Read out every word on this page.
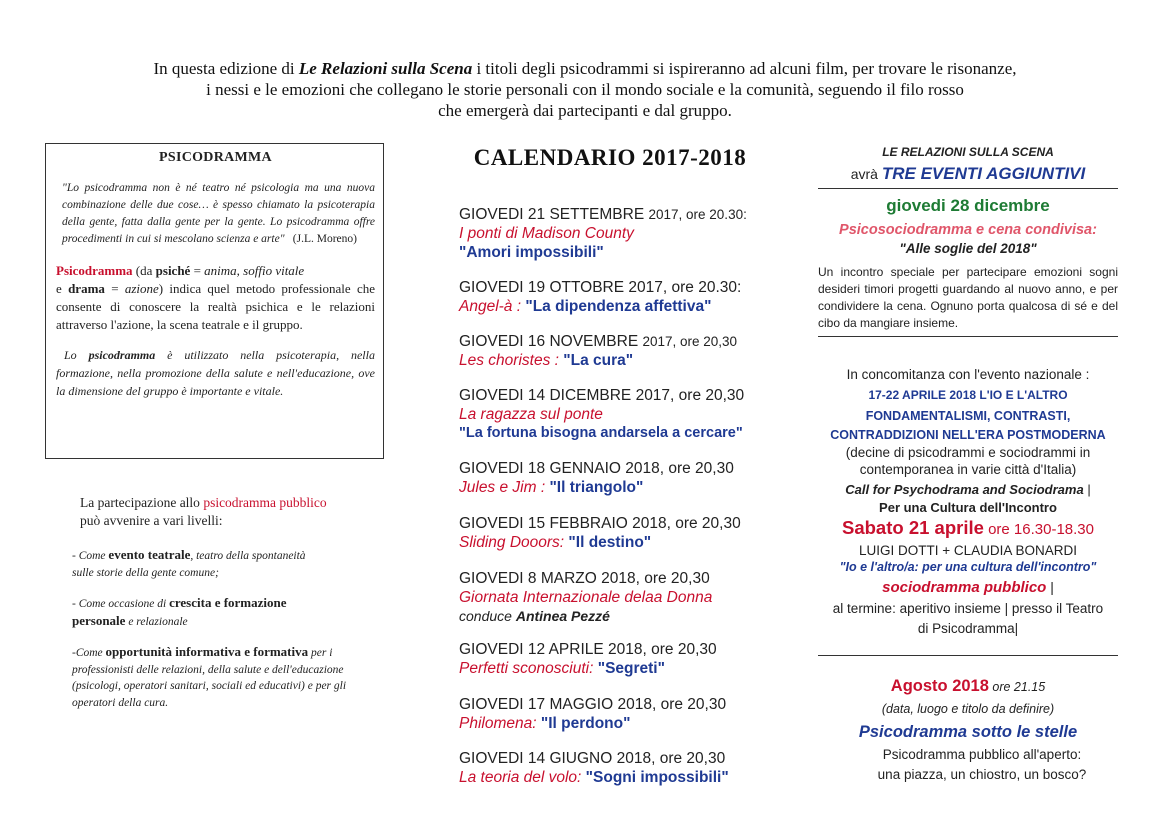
In questa edizione di Le Relazioni sulla Scena i titoli degli psicodrammi si ispireranno ad alcuni film, per trovare le risonanze,
i nessi e le emozioni che collegano le storie personali con il mondo sociale e la comunità, seguendo il filo rosso
che emergerà dai partecipanti e dal gruppo.
PSICODRAMMA
"Lo psicodramma non è né teatro né psicologia ma una nuova combinazione delle due cose… è spesso chiamato la psicoterapia della gente, fatta dalla gente per la gente. Lo psicodramma offre procedimenti in cui si mescolano scienza e arte" (J.L. Moreno)
Psicodramma (da psiché = anima, soffio vitale
e drama = azione) indica quel metodo professionale che consente di conoscere la realtà psichica e le relazioni attraverso l'azione, la scena teatrale e il gruppo.
Lo psicodramma è utilizzato nella psicoterapia, nella formazione, nella promozione della salute e nell'educazione, ove la dimensione del gruppo è importante e vitale.
La partecipazione allo psicodramma pubblico
può avvenire a vari livelli:
- Come evento teatrale, teatro della spontaneità
sulle storie della gente comune;
- Come occasione di crescita e formazione
personale e relazionale
-Come opportunità informativa e formativa per i professionisti delle relazioni, della salute e dell'educazione (psicologi, operatori sanitari, sociali ed educativi) e per gli operatori della cura.
CALENDARIO 2017-2018
GIOVEDI 21 SETTEMBRE 2017, ore 20.30:
I ponti di Madison County
"Amori impossibili"
GIOVEDI 19 OTTOBRE 2017, ore 20.30:
Angel-à : "La dipendenza affettiva"
GIOVEDI 16 NOVEMBRE 2017, ore 20,30
Les choristes : "La cura"
GIOVEDI 14 DICEMBRE 2017, ore 20,30
La ragazza sul ponte
"La fortuna bisogna andarsela a cercare"
GIOVEDI 18 GENNAIO 2018, ore 20,30
Jules e Jim : "Il triangolo"
GIOVEDI 15 FEBBRAIO 2018, ore 20,30
Sliding Dooors: "Il destino"
GIOVEDI 8 MARZO 2018, ore 20,30
Giornata Internazionale delaa Donna
conduce Antinea Pezzé
GIOVEDI 12 APRILE 2018, ore 20,30
Perfetti sconosciuti: "Segreti"
GIOVEDI 17 MAGGIO 2018, ore 20,30
Philomena: "Il perdono"
GIOVEDI 14 GIUGNO 2018, ore 20,30
La teoria del volo: "Sogni impossibili"
LE RELAZIONI SULLA SCENA
avrà TRE EVENTI AGGIUNTIVI
giovedi 28 dicembre
Psicosociodramma e cena condivisa:
"Alle soglie del 2018"
Un incontro speciale per partecipare emozioni sogni desideri timori progetti guardando al nuovo anno, e per condividere la cena. Ognuno porta qualcosa di sé e del cibo da mangiare insieme.
In concomitanza con l'evento nazionale :
17-22 APRILE 2018 L'IO E L'ALTRO
FONDAMENTALISMI, CONTRASTI,
CONTRADDIZIONI NELL'ERA POSTMODERNA
(decine di psicodrammi e sociodrammi in contemporanea in varie città d'Italia)
Call for Psychodrama and Sociodrama |
Per una Cultura dell'Incontro
Sabato 21 aprile ore 16.30-18.30
LUIGI DOTTI + CLAUDIA BONARDI
"Io e l'altro/a: per una cultura dell'incontro"
sociodramma pubblico |
al termine: aperitivo insieme | presso il Teatro di Psicodramma|
Agosto 2018 ore 21.15
(data, luogo e titolo da definire)
Psicodramma sotto le stelle
Psicodramma pubblico all'aperto:
una piazza, un chiostro, un bosco?
